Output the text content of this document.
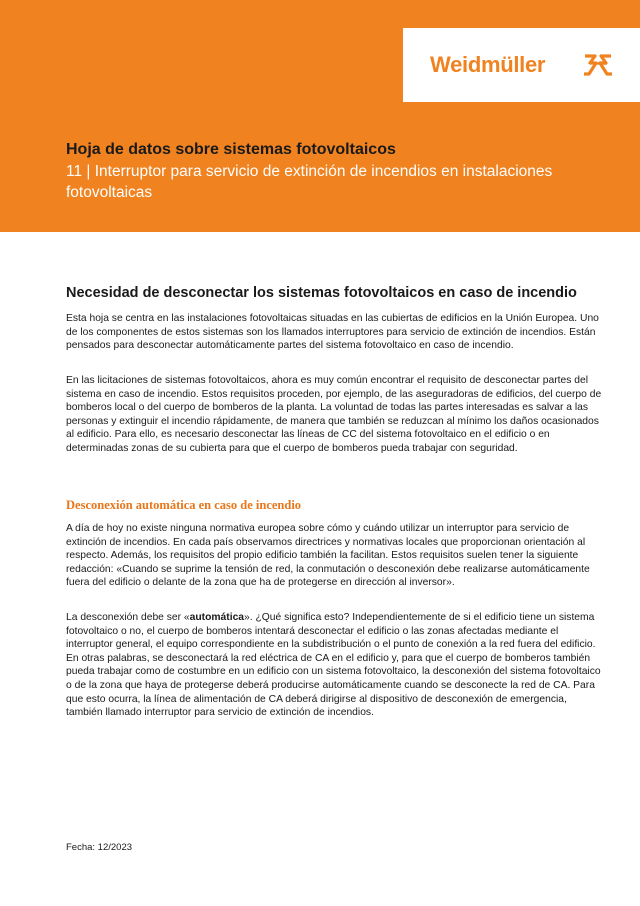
Weidmüller
Hoja de datos sobre sistemas fotovoltaicos
11 | Interruptor para servicio de extinción de incendios en instalaciones fotovoltaicas
Necesidad de desconectar los sistemas fotovoltaicos en caso de incendio

Esta hoja se centra en las instalaciones fotovoltaicas situadas en las cubiertas de edificios en la Unión Europea. Uno de los componentes de estos sistemas son los llamados interruptores para servicio de extinción de incendios. Están pensados para desconectar automáticamente partes del sistema fotovoltaico en caso de incendio.

En las licitaciones de sistemas fotovoltaicos, ahora es muy común encontrar el requisito de desconectar partes del sistema en caso de incendio. Estos requisitos proceden, por ejemplo, de las aseguradoras de edificios, del cuerpo de bomberos local o del cuerpo de bomberos de la planta. La voluntad de todas las partes interesadas es salvar a las personas y extinguir el incendio rápidamente, de manera que también se reduzcan al mínimo los daños ocasionados al edificio. Para ello, es necesario desconectar las líneas de CC del sistema fotovoltaico en el edificio o en determinadas zonas de su cubierta para que el cuerpo de bomberos pueda trabajar con seguridad.

Desconexión automática en caso de incendio

A día de hoy no existe ninguna normativa europea sobre cómo y cuándo utilizar un interruptor para servicio de extinción de incendios. En cada país observamos directrices y normativas locales que proporcionan orientación al respecto. Además, los requisitos del propio edificio también la facilitan. Estos requisitos suelen tener la siguiente redacción: «Cuando se suprime la tensión de red, la conmutación o desconexión debe realizarse automáticamente fuera del edificio o delante de la zona que ha de protegerse en dirección al inversor».

La desconexión debe ser «automática». ¿Qué significa esto? Independientemente de si el edificio tiene un sistema fotovoltaico o no, el cuerpo de bomberos intentará desconectar el edificio o las zonas afectadas mediante el interruptor general, el equipo correspondiente en la subdistribución o el punto de conexión a la red fuera del edificio. En otras palabras, se desconectará la red eléctrica de CA en el edificio y, para que el cuerpo de bomberos también pueda trabajar como de costumbre en un edificio con un sistema fotovoltaico, la desconexión del sistema fotovoltaico o de la zona que haya de protegerse deberá producirse automáticamente cuando se desconecte la red de CA. Para que esto ocurra, la línea de alimentación de CA deberá dirigirse al dispositivo de desconexión de emergencia, también llamado interruptor para servicio de extinción de incendios.

Fecha: 12/2023
